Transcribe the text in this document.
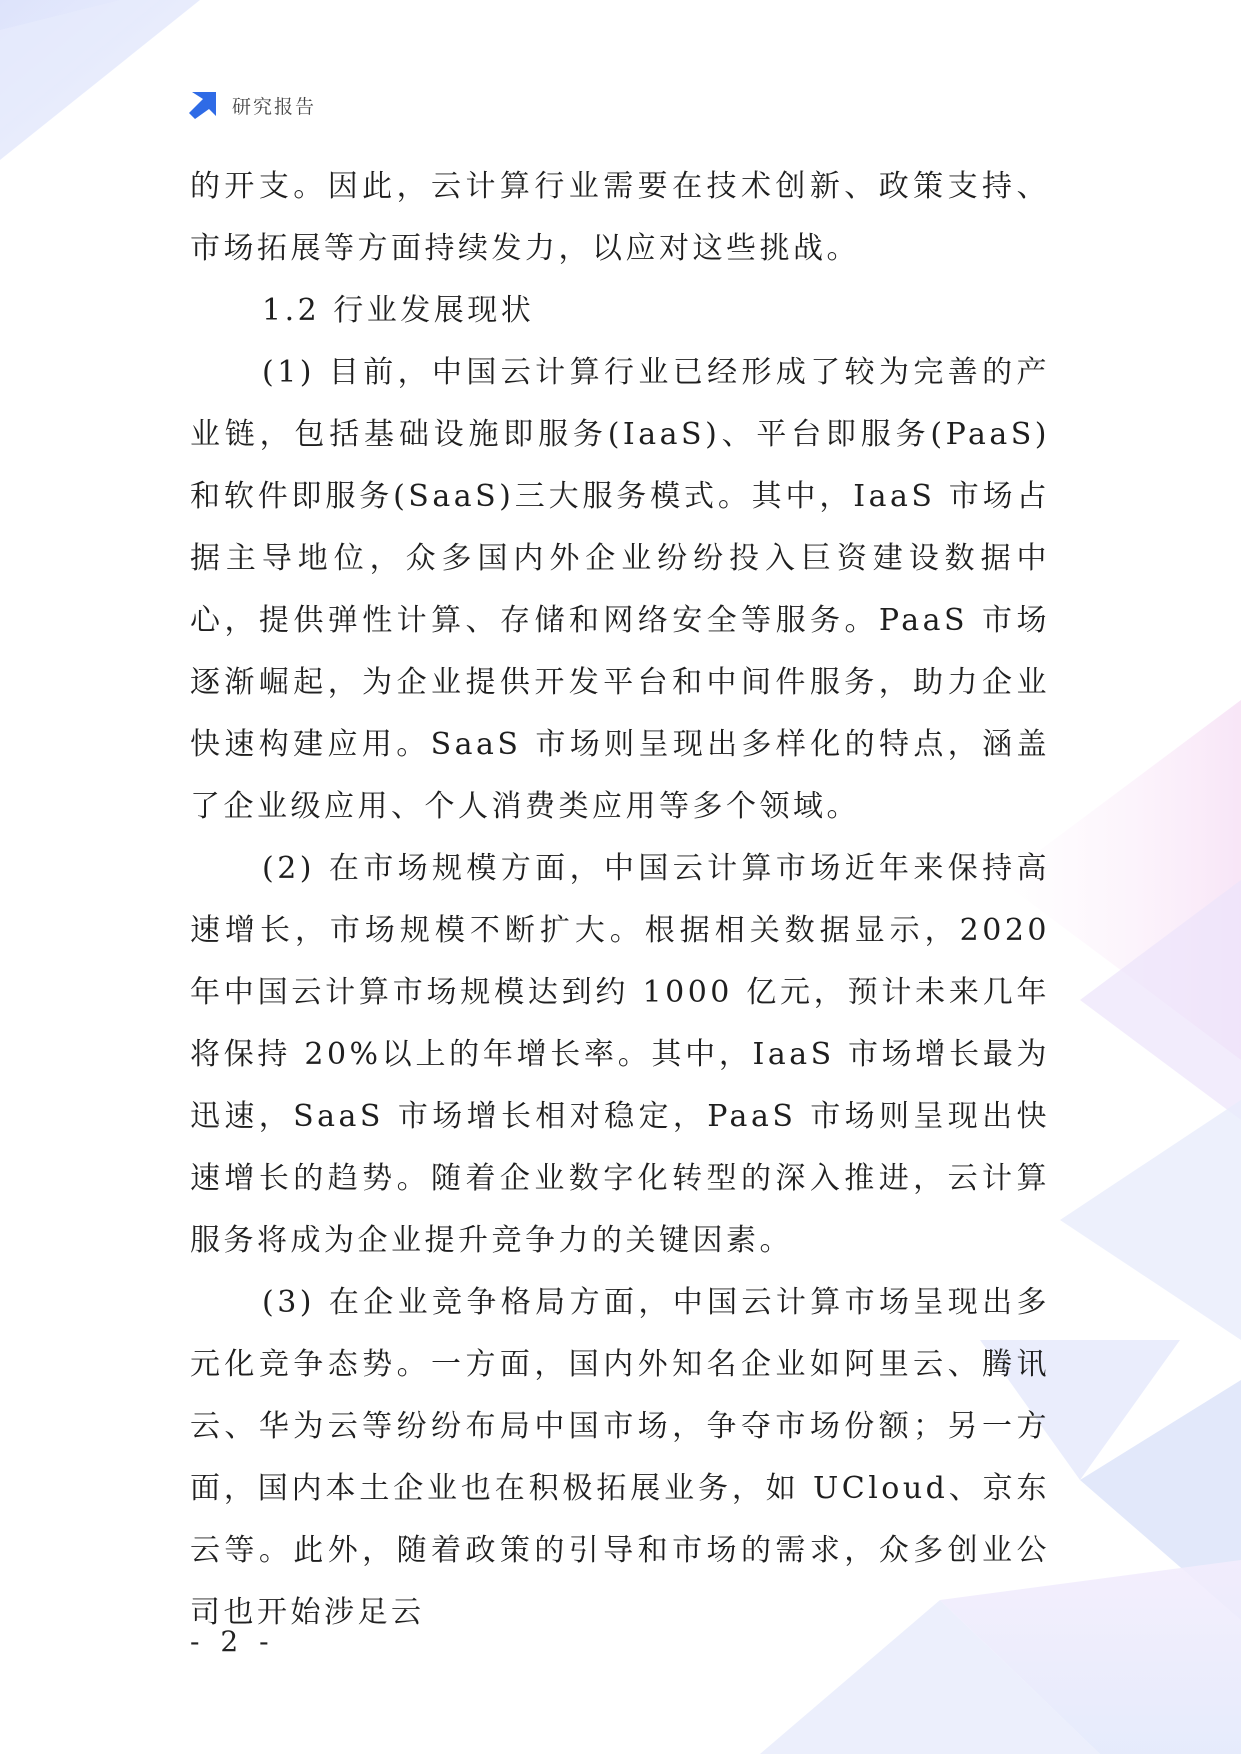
研究报告

的开支。因此，云计算行业需要在技术创新、政策支持、市场拓展等方面持续发力，以应对这些挑战。

1.2 行业发展现状

(1) 目前，中国云计算行业已经形成了较为完善的产业链，包括基础设施即服务(IaaS)、平台即服务(PaaS)和软件即服务(SaaS)三大服务模式。其中，IaaS 市场占据主导地位，众多国内外企业纷纷投入巨资建设数据中心，提供弹性计算、存储和网络安全等服务。PaaS 市场逐渐崛起，为企业提供开发平台和中间件服务，助力企业快速构建应用。SaaS 市场则呈现出多样化的特点，涵盖了企业级应用、个人消费类应用等多个领域。

(2) 在市场规模方面，中国云计算市场近年来保持高速增长，市场规模不断扩大。根据相关数据显示，2020 年中国云计算市场规模达到约 1000 亿元，预计未来几年将保持 20%以上的年增长率。其中，IaaS 市场增长最为迅速，SaaS 市场增长相对稳定，PaaS 市场则呈现出快速增长的趋势。随着企业数字化转型的深入推进，云计算服务将成为企业提升竞争力的关键因素。

(3) 在企业竞争格局方面，中国云计算市场呈现出多元化竞争态势。一方面，国内外知名企业如阿里云、腾讯云、华为云等纷纷布局中国市场，争夺市场份额；另一方面，国内本土企业也在积极拓展业务，如 UCloud、京东云等。此外，随着政策的引导和市场的需求，众多创业公司也开始涉足云

- 2 -
